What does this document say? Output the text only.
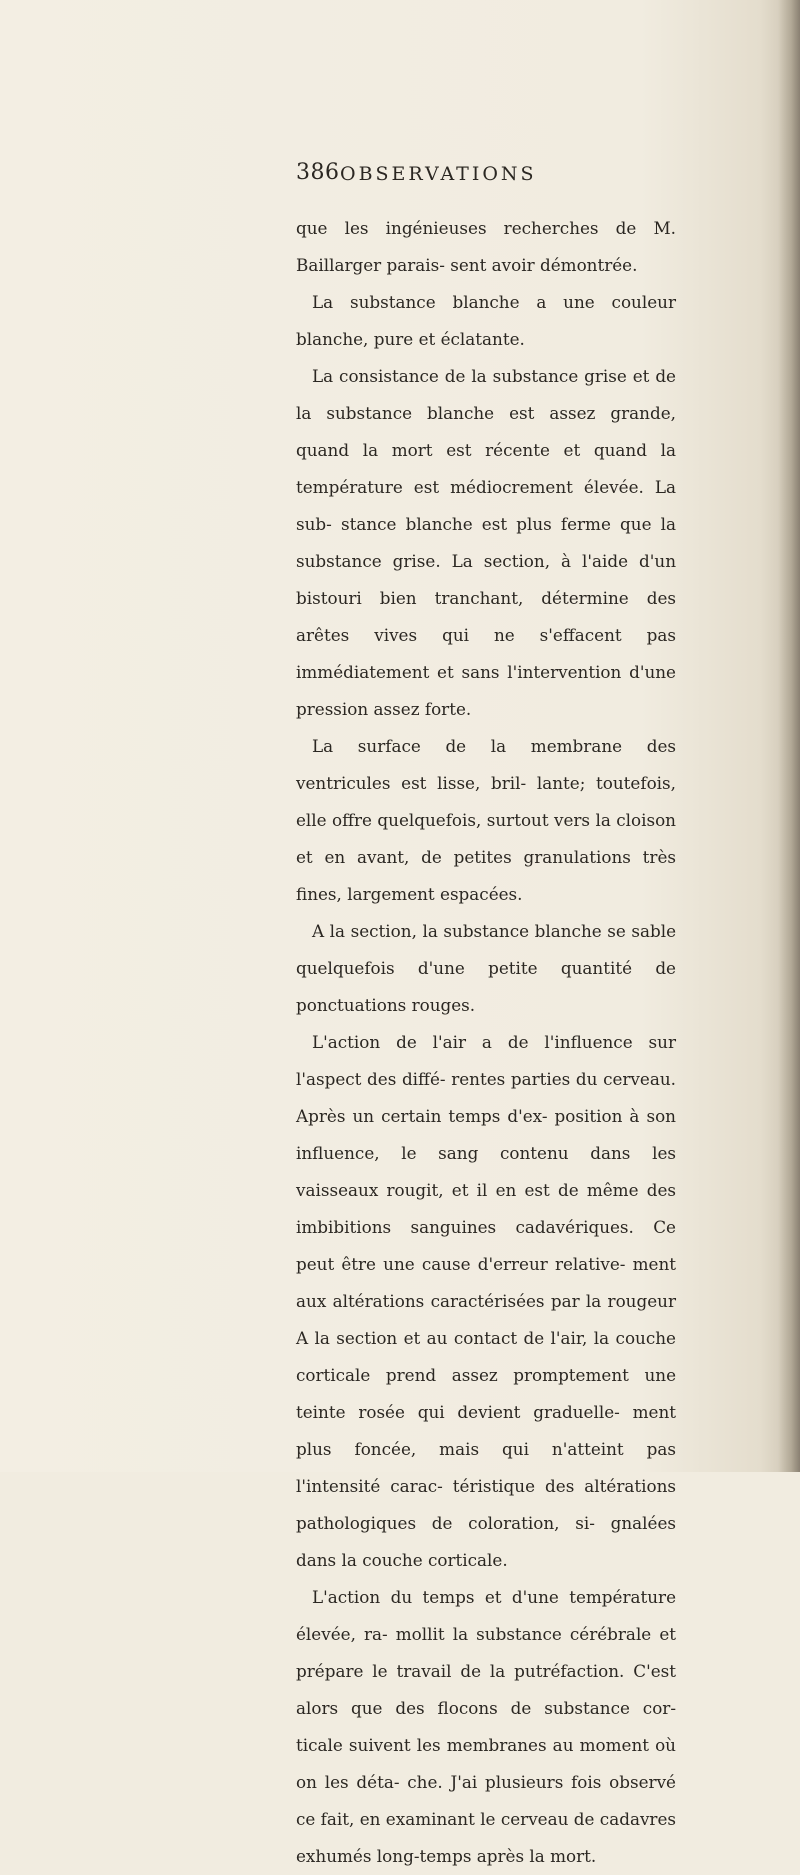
386 OBSERVATIONS

que les ingénieuses recherches de M. Baillarger parais- sent avoir démontrée.

La substance blanche a une couleur blanche, pure et éclatante.

La consistance de la substance grise et de la substance blanche est assez grande, quand la mort est récente et quand la température est médiocrement élevée. La sub- stance blanche est plus ferme que la substance grise. La section, à l'aide d'un bistouri bien tranchant, détermine des arêtes vives qui ne s'effacent pas immédiatement et sans l'intervention d'une pression assez forte.

La surface de la membrane des ventricules est lisse, bril- lante; toutefois, elle offre quelquefois, surtout vers la cloison et en avant, de petites granulations très fines, largement espacées.

A la section, la substance blanche se sable quelquefois d'une petite quantité de ponctuations rouges.

L'action de l'air a de l'influence sur l'aspect des diffé- rentes parties du cerveau. Après un certain temps d'ex- position à son influence, le sang contenu dans les vaisseaux rougit, et il en est de même des imbibitions sanguines cadavériques. Ce peut être une cause d'erreur relative- ment aux altérations caractérisées par la rougeur A la section et au contact de l'air, la couche corticale prend assez promptement une teinte rosée qui devient graduelle- ment plus foncée, mais qui n'atteint pas l'intensité carac- téristique des altérations pathologiques de coloration, si- gnalées dans la couche corticale.

L'action du temps et d'une température élevée, ra- mollit la substance cérébrale et prépare le travail de la putréfaction. C'est alors que des flocons de substance cor- ticale suivent les membranes au moment où on les déta- che. J'ai plusieurs fois observé ce fait, en examinant le cerveau de cadavres exhumés long-temps après la mort.
